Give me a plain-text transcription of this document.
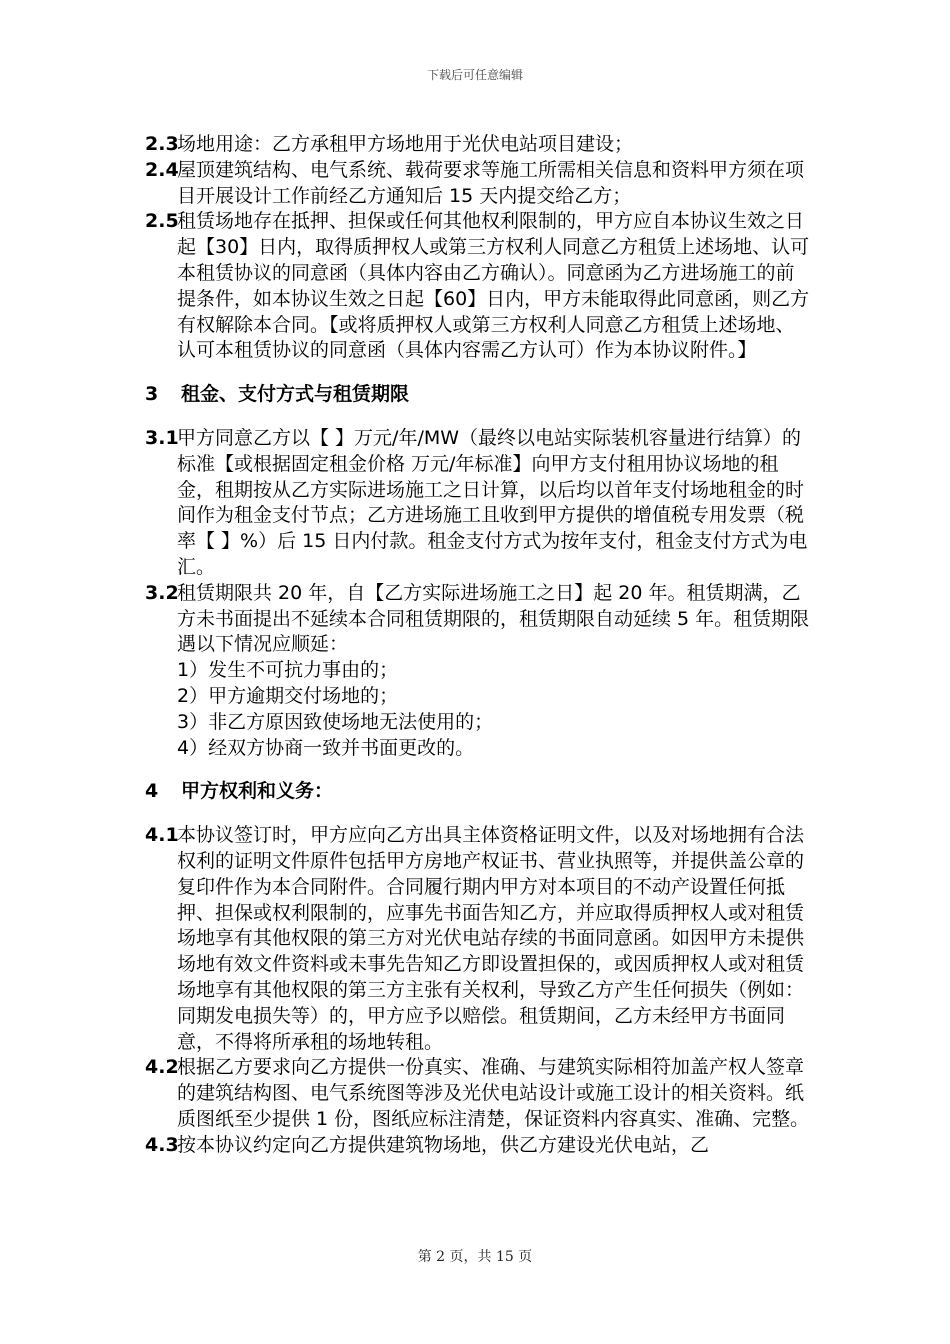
下载后可任意编辑
2.3
场地用途：乙方承租甲方场地用于光伏电站项目建设；
2.4
屋顶建筑结构、电气系统、载荷要求等施工所需相关信息和资料甲方须在项目开展设计工作前经乙方通知后 15 天内提交给乙方；
2.5
租赁场地存在抵押、担保或任何其他权利限制的，甲方应自本协议生效之日起【30】日内，取得质押权人或第三方权利人同意乙方租赁上述场地、认可本租赁协议的同意函（具体内容由乙方确认）。同意函为乙方进场施工的前提条件，如本协议生效之日起【60】日内，甲方未能取得此同意函，则乙方有权解除本合同。【或将质押权人或第三方权利人同意乙方租赁上述场地、认可本租赁协议的同意函（具体内容需乙方认可）作为本协议附件。】
3 租金、支付方式与租赁期限
3.1
甲方同意乙方以【 】万元/年/MW（最终以电站实际装机容量进行结算）的标准【或根据固定租金价格 万元/年标准】向甲方支付租用协议场地的租金，租期按从乙方实际进场施工之日计算，以后均以首年支付场地租金的时间作为租金支付节点；乙方进场施工且收到甲方提供的增值税专用发票（税率【 】%）后 15 日内付款。租金支付方式为按年支付，租金支付方式为电汇。
3.2
租赁期限共 20 年，自【乙方实际进场施工之日】起 20 年。租赁期满，乙方未书面提出不延续本合同租赁期限的，租赁期限自动延续 5 年。租赁期限遇以下情况应顺延：
1）发生不可抗力事由的；
2）甲方逾期交付场地的；
3）非乙方原因致使场地无法使用的；
4）经双方协商一致并书面更改的。
4 甲方权利和义务：
4.1
本协议签订时，甲方应向乙方出具主体资格证明文件，以及对场地拥有合法权利的证明文件原件包括甲方房地产权证书、营业执照等，并提供盖公章的复印件作为本合同附件。合同履行期内甲方对本项目的不动产设置任何抵押、担保或权利限制的，应事先书面告知乙方，并应取得质押权人或对租赁场地享有其他权限的第三方对光伏电站存续的书面同意函。如因甲方未提供场地有效文件资料或未事先告知乙方即设置担保的，或因质押权人或对租赁场地享有其他权限的第三方主张有关权利，导致乙方产生任何损失（例如：同期发电损失等）的，甲方应予以赔偿。租赁期间，乙方未经甲方书面同意，不得将所承租的场地转租。
4.2
根据乙方要求向乙方提供一份真实、准确、与建筑实际相符加盖产权人签章的建筑结构图、电气系统图等涉及光伏电站设计或施工设计的相关资料。纸质图纸至少提供 1 份，图纸应标注清楚，保证资料内容真实、准确、完整。
4.3
按本协议约定向乙方提供建筑物场地，供乙方建设光伏电站，乙
第 2 页，共 15 页
